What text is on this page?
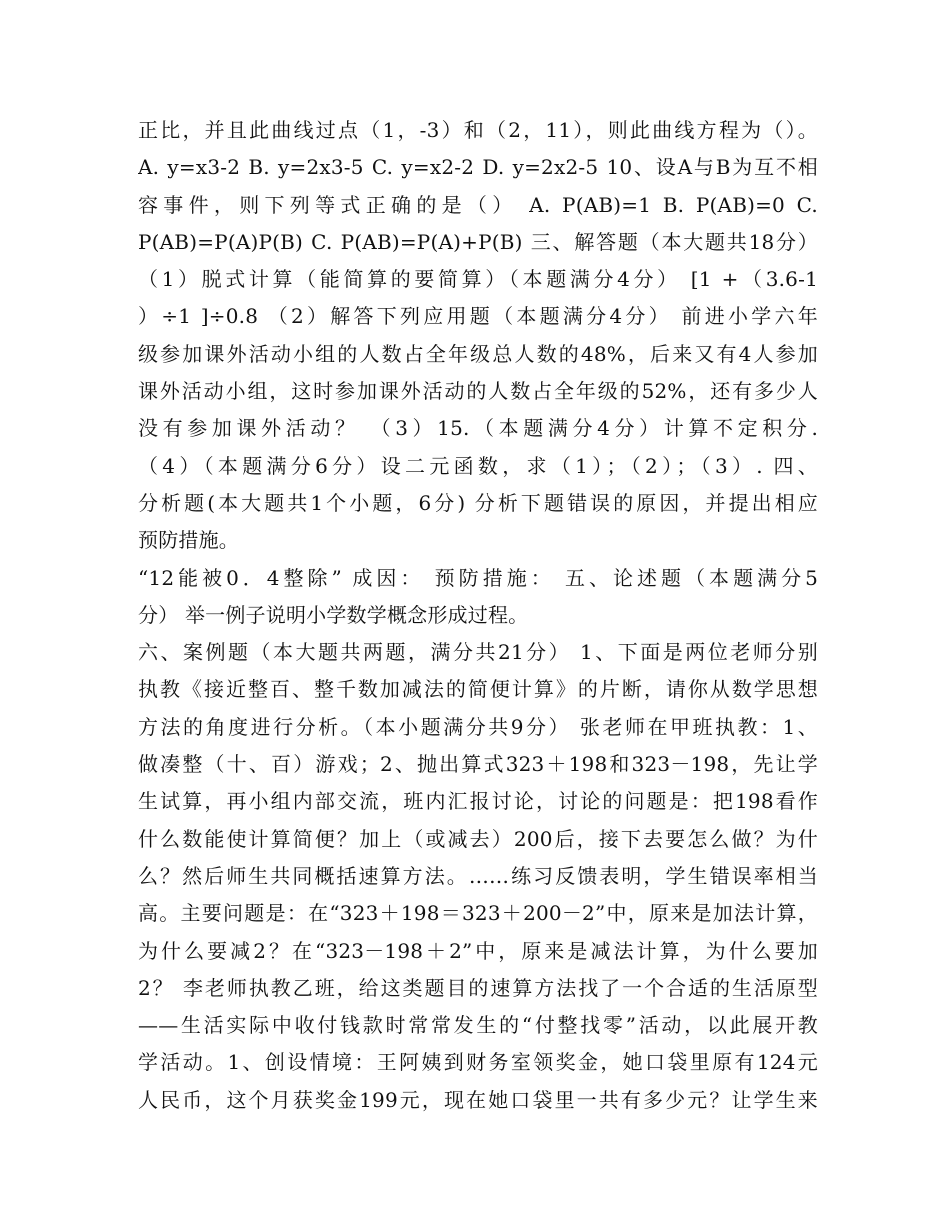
正比，并且此曲线过点（1，-3）和（2，11），则此曲线方程为（）。
A. y=x3-2 B. y=2x3-5 C. y=x2-2 D. y=2x2-5 10、设A与B为互不相
容事件，则下列等式正确的是（） A. P(AB)=1 B. P(AB)=0 C.
P(AB)=P(A)P(B) C. P(AB)=P(A)+P(B) 三、解答题（本大题共18分）
（1）脱式计算（能简算的要简算）（本题满分4分） [1 +（3.6-1
）÷1 ]÷0.8 （2）解答下列应用题（本题满分4分） 前进小学六年
级参加课外活动小组的人数占全年级总人数的48%，后来又有4人参加
课外活动小组，这时参加课外活动的人数占全年级的52%，还有多少人
没有参加课外活动？ （3）15.（本题满分4分）计算不定积分.
（4）（本题满分6分）设二元函数，求（1）；（2）；（3）. 四、
分析题(本大题共1个小题，6分) 分析下题错误的原因，并提出相应
预防措施。
“12能被0．4整除” 成因： 预防措施： 五、论述题（本题满分5
分） 举一例子说明小学数学概念形成过程。
六、案例题（本大题共两题，满分共21分） 1、下面是两位老师分别
执教《接近整百、整千数加减法的简便计算》的片断，请你从数学思想
方法的角度进行分析。（本小题满分共9分） 张老师在甲班执教：1、
做凑整（十、百）游戏；2、抛出算式323＋198和323－198，先让学
生试算，再小组内部交流，班内汇报讨论，讨论的问题是：把198看作
什么数能使计算简便？加上（或减去）200后，接下去要怎么做？为什
么？然后师生共同概括速算方法。……练习反馈表明，学生错误率相当
高。主要问题是：在“323＋198＝323＋200－2”中，原来是加法计算，
为什么要减2？在“323－198＋2”中，原来是减法计算，为什么要加
2？ 李老师执教乙班，给这类题目的速算方法找了一个合适的生活原型
——生活实际中收付钱款时常常发生的“付整找零”活动，以此展开教
学活动。1、创设情境：王阿姨到财务室领奖金，她口袋里原有124元
人民币，这个月获奖金199元，现在她口袋里一共有多少元？让学生来
